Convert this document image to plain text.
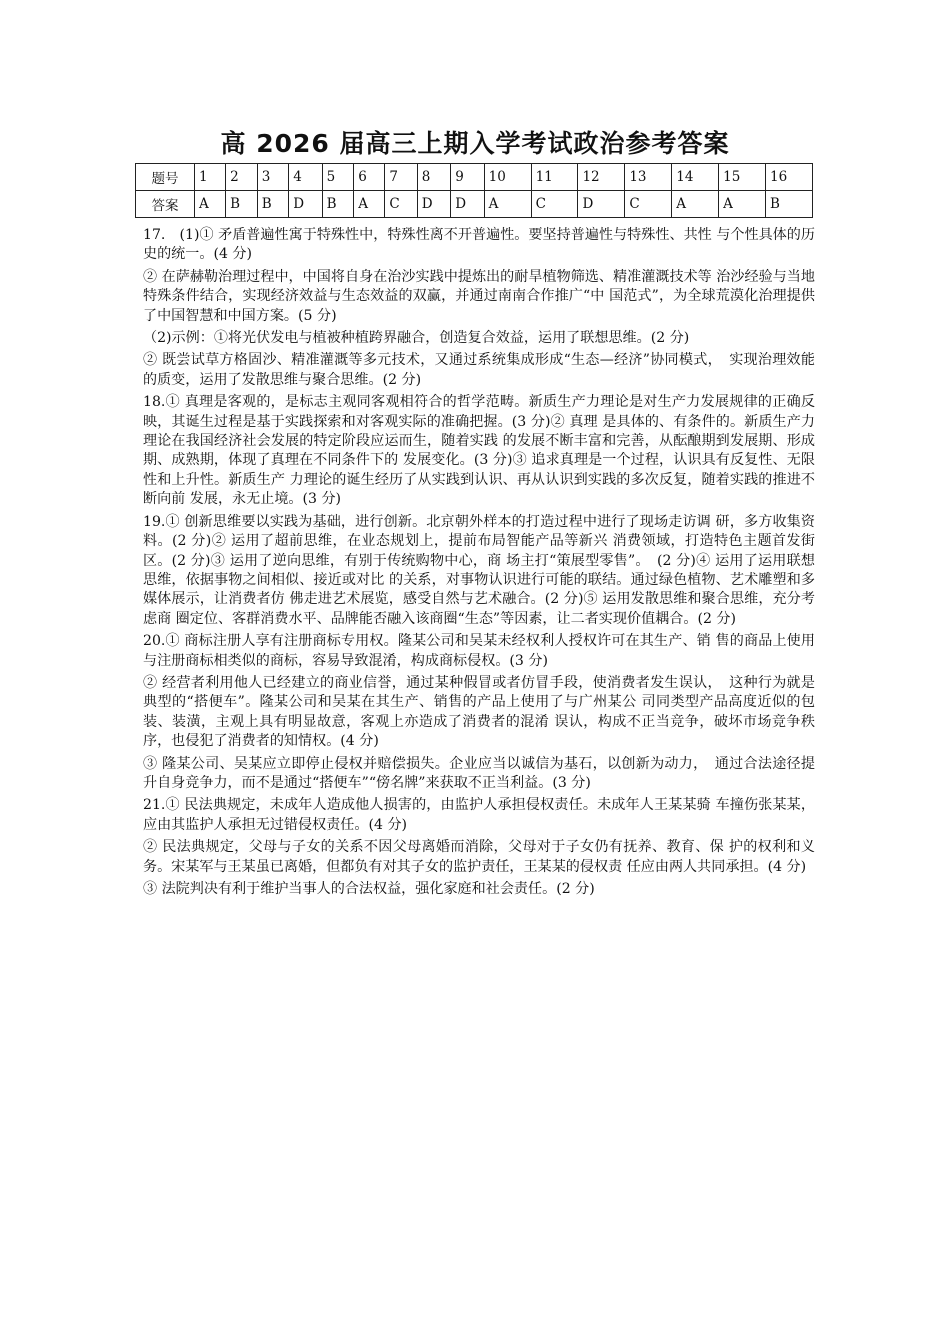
高 2026 届高三上期入学考试政治参考答案
题号	1	2	3	4	5	6	7	8	9	10	11	12	13	14	15	16
答案	A	B	B	D	B	A	C	D	D	A	C	D	C	A	A	B

17.　(1)① 矛盾普遍性寓于特殊性中，特殊性离不开普遍性。要坚持普遍性与特殊性、共性 与个性具体的历史的统一。(4 分)

② 在萨赫勒治理过程中，中国将自身在治沙实践中提炼出的耐旱植物筛选、精准灌溉技术等 治沙经验与当地特殊条件结合，实现经济效益与生态效益的双赢，并通过南南合作推广“中 国范式”，为全球荒漠化治理提供了中国智慧和中国方案。(5 分)

（2)示例：①将光伏发电与植被种植跨界融合，创造复合效益，运用了联想思维。(2 分)

② 既尝试草方格固沙、精准灌溉等多元技术，又通过系统集成形成“生态—经济”协同模式，　实现治理效能的质变，运用了发散思维与聚合思维。(2 分)

18.① 真理是客观的，是标志主观同客观相符合的哲学范畴。新质生产力理论是对生产力发展规律的正确反映，其诞生过程是基于实践探索和对客观实际的准确把握。(3 分)② 真理 是具体的、有条件的。新质生产力理论在我国经济社会发展的特定阶段应运而生，随着实践 的发展不断丰富和完善，从酝酿期到发展期、形成期、成熟期，体现了真理在不同条件下的 发展变化。(3 分)③ 追求真理是一个过程，认识具有反复性、无限性和上升性。新质生产 力理论的诞生经历了从实践到认识、再从认识到实践的多次反复，随着实践的推进不断向前 发展，永无止境。(3 分)

19.① 创新思维要以实践为基础，进行创新。北京朝外样本的打造过程中进行了现场走访调 研，多方收集资料。(2 分)② 运用了超前思维，在业态规划上，提前布局智能产品等新兴 消费领域，打造特色主题首发街区。(2 分)③ 运用了逆向思维，有别于传统购物中心，商 场主打“策展型零售”。　(2 分)④ 运用了运用联想思维，依据事物之间相似、接近或对比 的关系，对事物认识进行可能的联结。通过绿色植物、艺术雕塑和多媒体展示，让消费者仿 佛走进艺术展览，感受自然与艺术融合。(2 分)⑤ 运用发散思维和聚合思维，充分考虑商 圈定位、客群消费水平、品牌能否融入该商圈“生态”等因素，让二者实现价值耦合。(2 分)

20.① 商标注册人享有注册商标专用权。隆某公司和吴某未经权利人授权许可在其生产、销 售的商品上使用与注册商标相类似的商标，容易导致混淆，构成商标侵权。(3 分)

② 经营者利用他人已经建立的商业信誉，通过某种假冒或者仿冒手段，使消费者发生误认，　这种行为就是典型的“搭便车”。隆某公司和吴某在其生产、销售的产品上使用了与广州某公 司同类型产品高度近似的包装、装潢，主观上具有明显故意，客观上亦造成了消费者的混淆 误认，构成不正当竞争，破坏市场竞争秩序，也侵犯了消费者的知情权。(4 分)

③ 隆某公司、吴某应立即停止侵权并赔偿损失。企业应当以诚信为基石，以创新为动力，　通过合法途径提升自身竞争力，而不是通过“搭便车”“傍名牌”来获取不正当利益。(3 分)

21.① 民法典规定，未成年人造成他人损害的，由监护人承担侵权责任。未成年人王某某骑 车撞伤张某某，应由其监护人承担无过错侵权责任。(4 分)

② 民法典规定，父母与子女的关系不因父母离婚而消除，父母对于子女仍有抚养、教育、保 护的权利和义务。宋某军与王某虽已离婚，但都负有对其子女的监护责任，王某某的侵权责 任应由两人共同承担。(4 分)

③ 法院判决有利于维护当事人的合法权益，强化家庭和社会责任。(2 分)
